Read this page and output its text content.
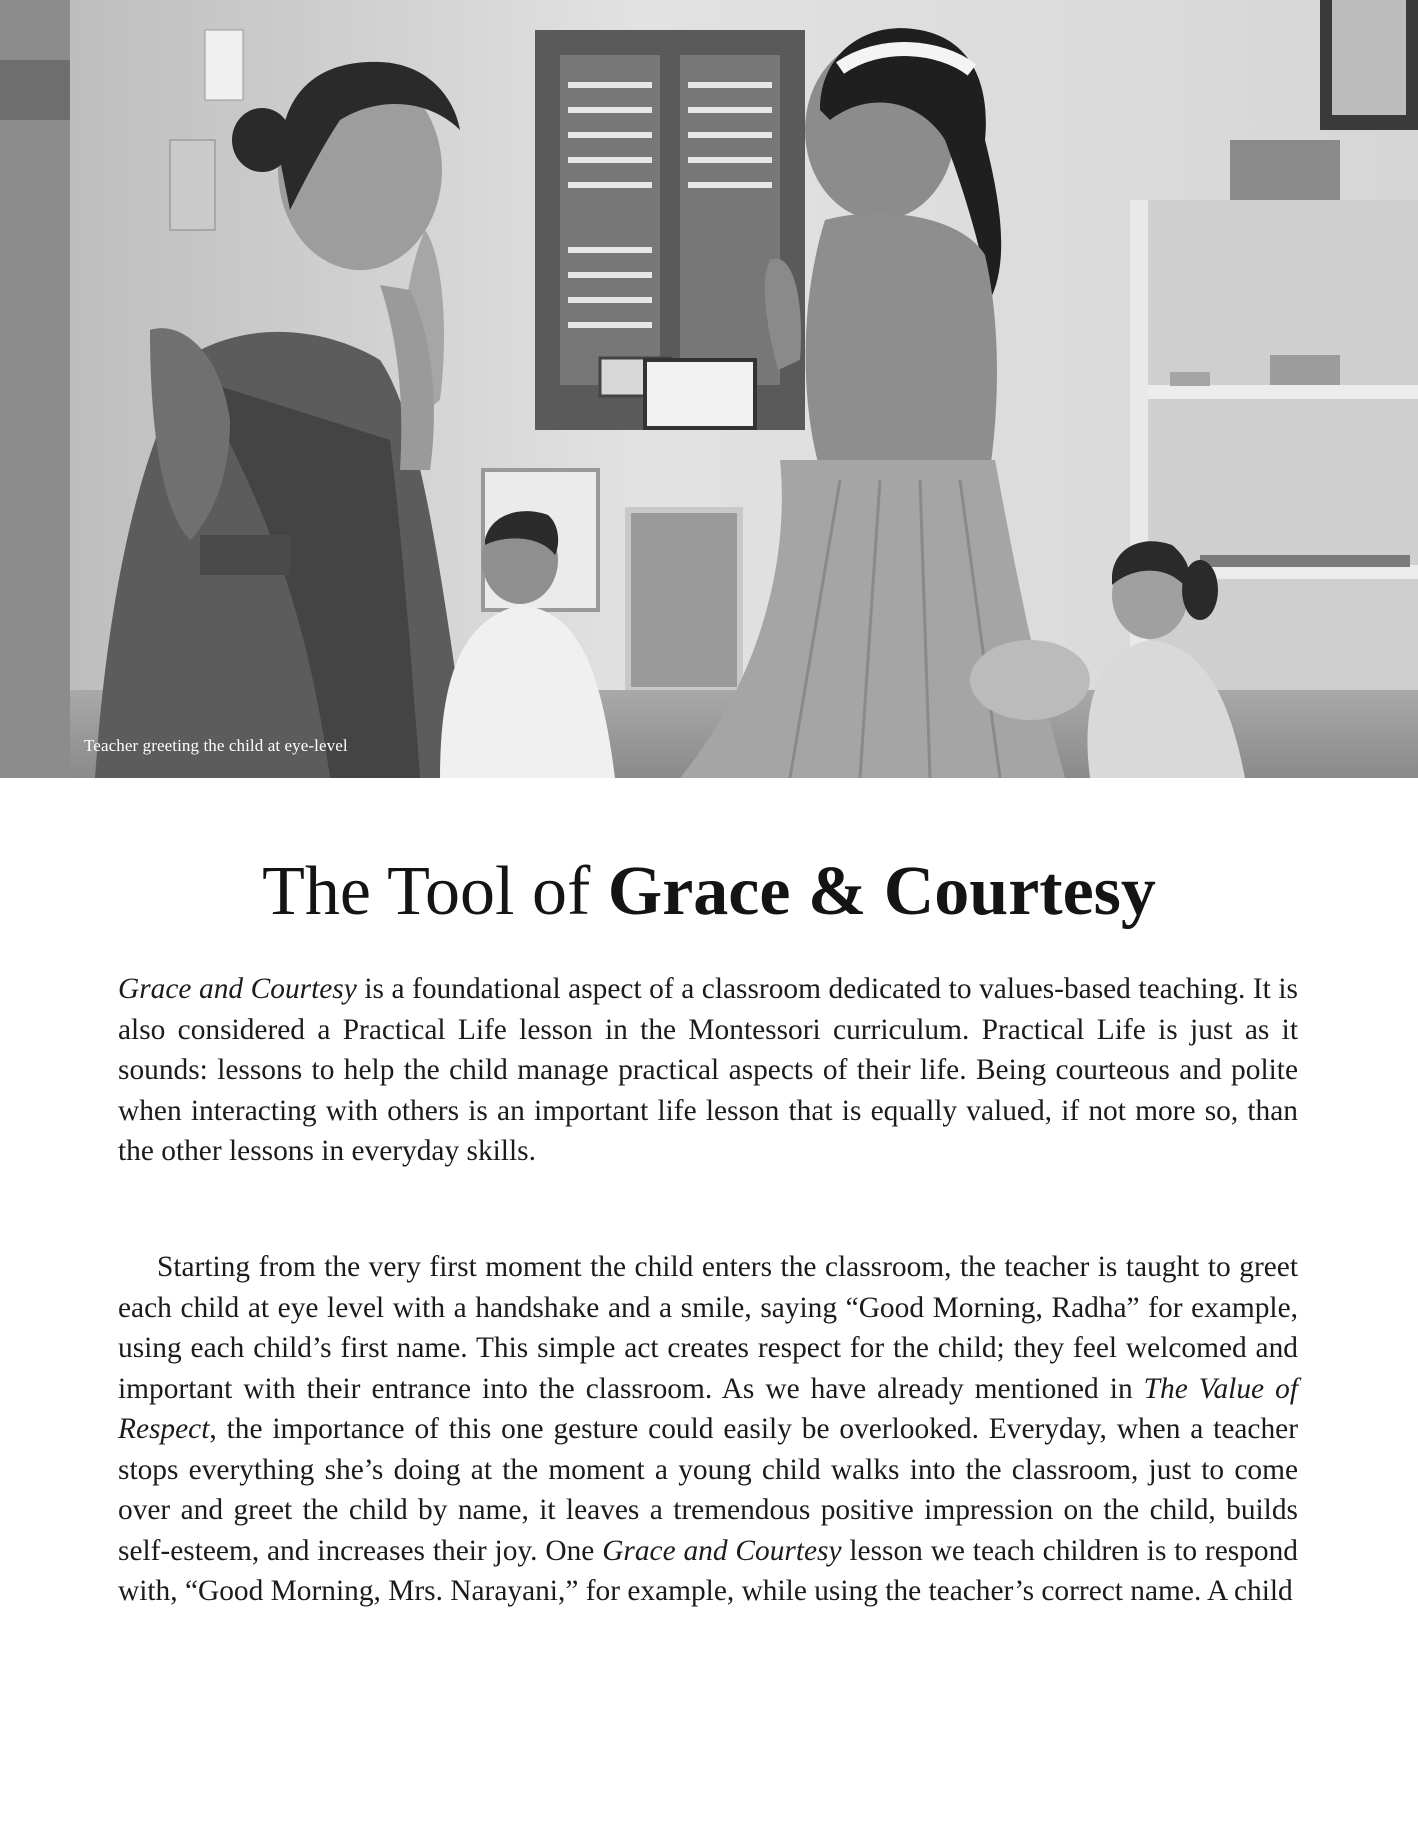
Teacher greeting the child at eye-level
The Tool of Grace & Courtesy

Grace and Courtesy is a foundational aspect of a classroom dedicated to values-based teaching. It is also considered a Practical Life lesson in the Montessori curriculum. Practical Life is just as it sounds: lessons to help the child manage practical aspects of their life. Being courteous and polite when interacting with others is an important life lesson that is equally valued, if not more so, than the other lessons in everyday skills.

Starting from the very first moment the child enters the classroom, the teacher is taught to greet each child at eye level with a handshake and a smile, saying “Good Morning, Radha” for example, using each child’s first name. This simple act creates respect for the child; they feel welcomed and important with their entrance into the classroom. As we have already mentioned in The Value of Respect, the importance of this one gesture could easily be overlooked. Everyday, when a teacher stops everything she’s doing at the moment a young child walks into the classroom, just to come over and greet the child by name, it leaves a tremendous positive impression on the child, builds self-esteem, and increases their joy. One Grace and Courtesy lesson we teach children is to respond with, “Good Morning, Mrs. Narayani,” for example, while using the teacher’s correct name. A child
